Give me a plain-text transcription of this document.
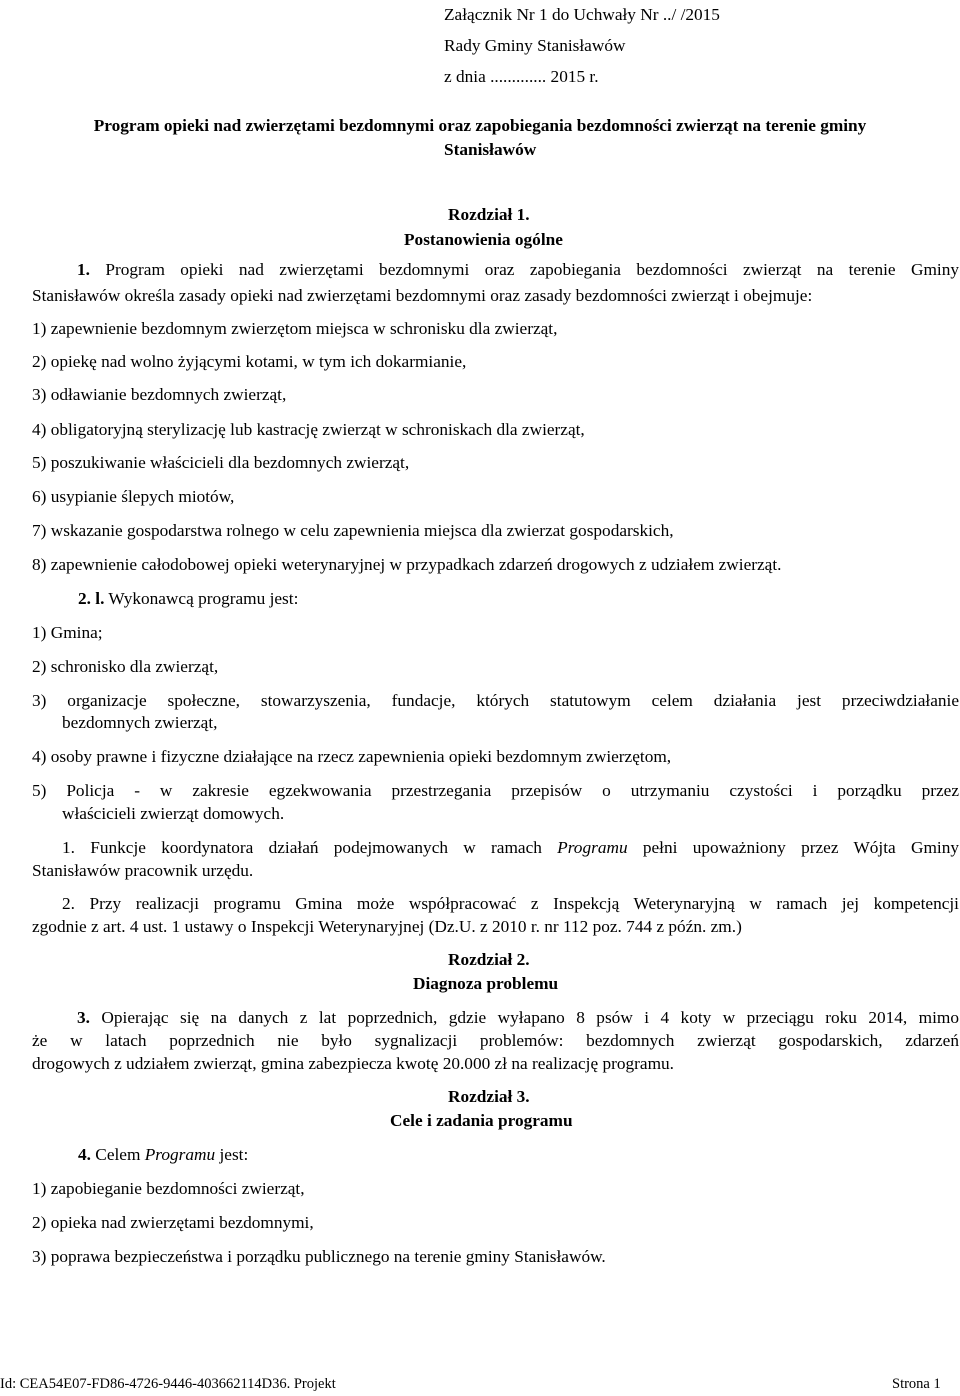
Załącznik Nr 1 do Uchwały Nr ../ /2015
Rady Gminy Stanisławów
z dnia ............. 2015 r.
Program opieki nad zwierzętami bezdomnymi oraz zapobiegania bezdomności zwierząt na terenie gminy
Stanisławów
Rozdział 1.
Postanowienia ogólne
1. Program opieki nad zwierzętami bezdomnymi oraz zapobiegania bezdomności zwierząt na terenie Gminy
Stanisławów określa zasady opieki nad zwierzętami bezdomnymi oraz zasady bezdomności zwierząt i obejmuje:
1) zapewnienie bezdomnym zwierzętom miejsca w schronisku dla zwierząt,
2) opiekę nad wolno żyjącymi kotami, w tym ich dokarmianie,
3) odławianie bezdomnych zwierząt,
4) obligatoryjną sterylizację lub kastrację zwierząt w schroniskach dla zwierząt,
5) poszukiwanie właścicieli dla bezdomnych zwierząt,
6) usypianie ślepych miotów,
7) wskazanie gospodarstwa rolnego w celu zapewnienia miejsca dla zwierzat gospodarskich,
8) zapewnienie całodobowej opieki weterynaryjnej w przypadkach zdarzeń drogowych z udziałem zwierząt.
2. l. Wykonawcą programu jest:
1) Gmina;
2) schronisko dla zwierząt,
3) organizacje społeczne, stowarzyszenia, fundacje, których statutowym celem działania jest przeciwdziałanie
bezdomnych zwierząt,
4) osoby prawne i fizyczne działające na rzecz zapewnienia opieki bezdomnym zwierzętom,
5) Policja - w zakresie egzekwowania przestrzegania przepisów o utrzymaniu czystości i porządku przez
właścicieli zwierząt domowych.
1. Funkcje koordynatora działań podejmowanych w ramach Programu pełni upoważniony przez Wójta Gminy
Stanisławów pracownik urzędu.
2. Przy realizacji programu Gmina może współpracować z Inspekcją Weterynaryjną w ramach jej kompetencji
zgodnie z art. 4 ust. 1 ustawy o Inspekcji Weterynaryjnej (Dz.U. z 2010 r. nr 112 poz. 744 z późn. zm.)
Rozdział 2.
Diagnoza problemu
3. Opierając się na danych z lat poprzednich, gdzie wyłapano 8 psów i 4 koty w przeciągu roku 2014, mimo
że w latach poprzednich nie było sygnalizacji problemów: bezdomnych zwierząt gospodarskich, zdarzeń
drogowych z udziałem zwierząt, gmina zabezpiecza kwotę 20.000 zł na realizację programu.
Rozdział 3.
Cele i zadania programu
4. Celem Programu jest:
1) zapobieganie bezdomności zwierząt,
2) opieka nad zwierzętami bezdomnymi,
3) poprawa bezpieczeństwa i porządku publicznego na terenie gminy Stanisławów.
Id: CEA54E07-FD86-4726-9446-403662114D36. Projekt	Strona 1
